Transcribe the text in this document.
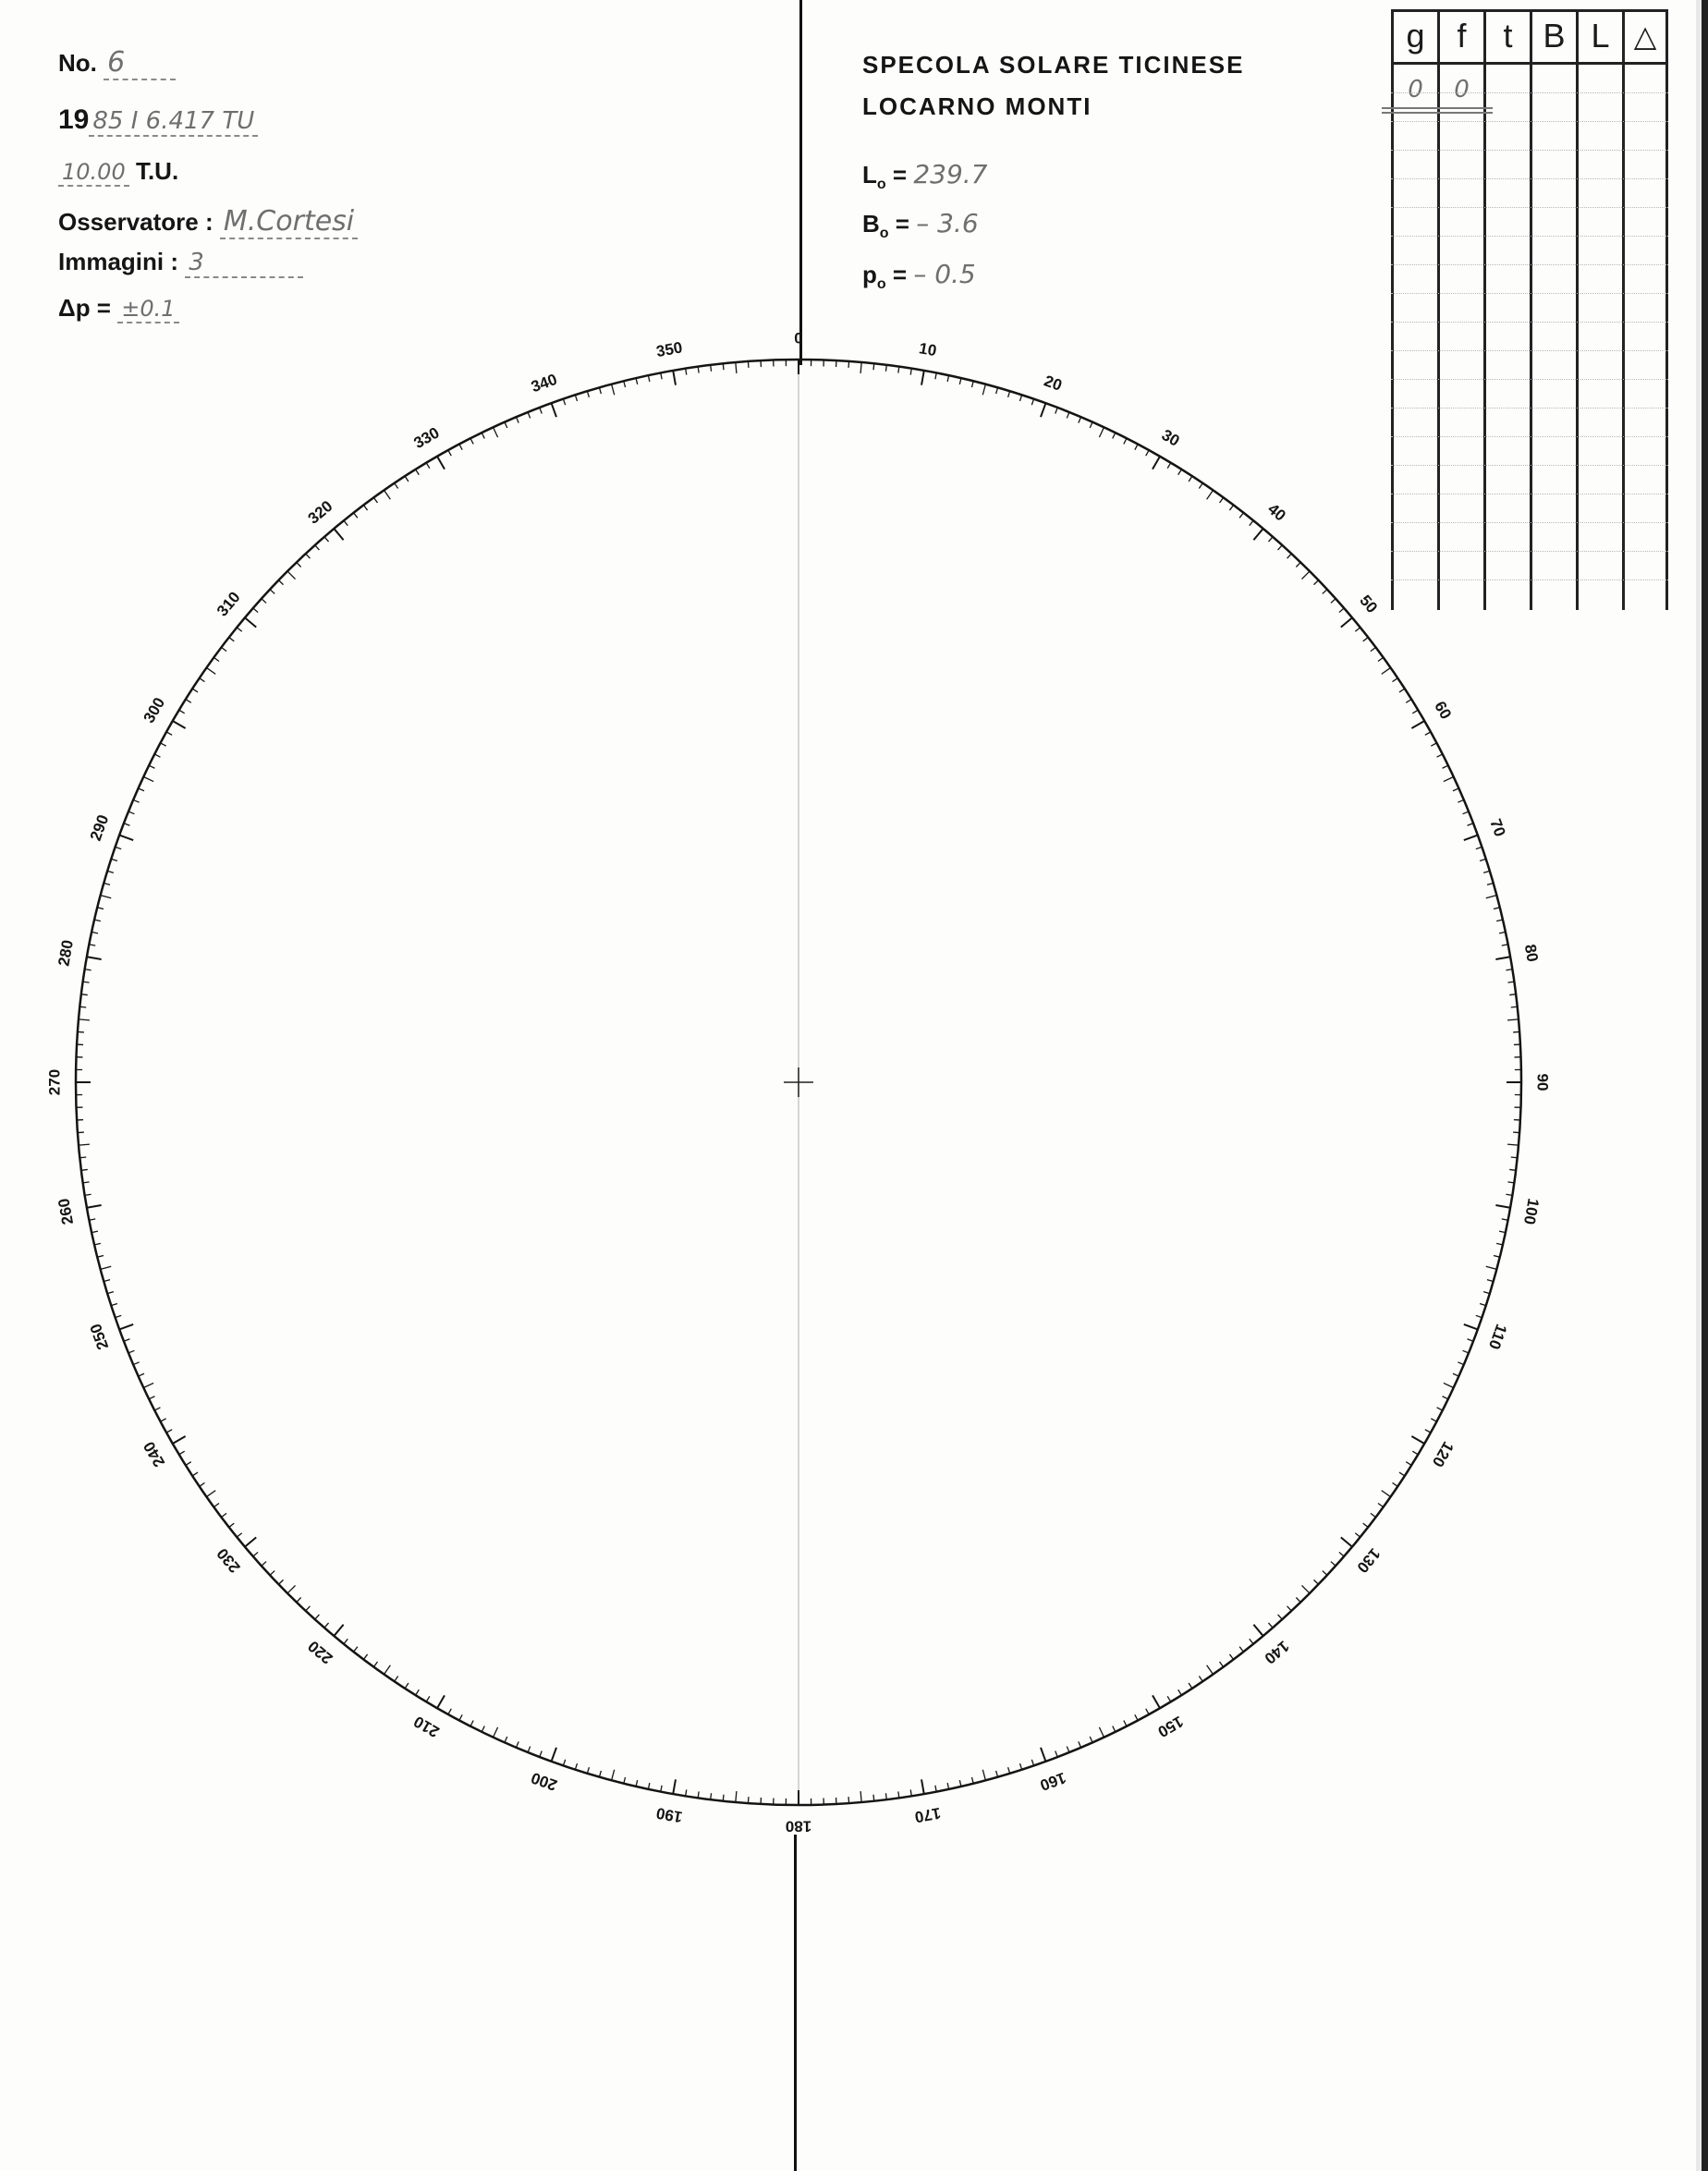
No. 6
19 85 I 6.417 TU
10.00 T.U.
Osservatore : M.Cortesi
Immagini : 3
Δp = ±0.1
SPECOLA SOLARE TICINESE
LOCARNO MONTI
$L_o = 239.7$
$B_o$ = – 3.6
$p_o$ = – 0.5
g f	t B L △
0	0
0
10
20
30
40
50
60
70
80
90
100
110
120
130
140
150
160
170
180
190
200
210
220
230
240
250
260
270
280
290
300
310
320
330
340
350
